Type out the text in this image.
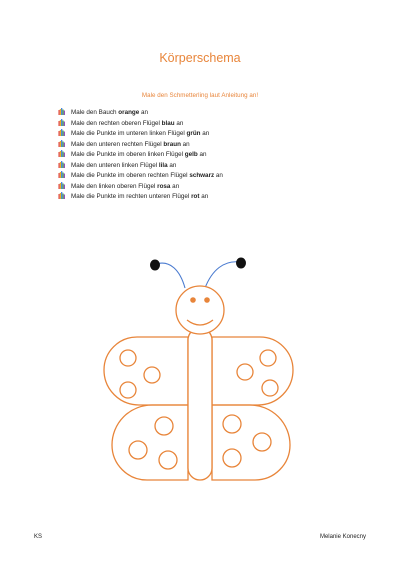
Körperschema
Male den Schmetterling laut Anleitung an!
Male den Bauch orange an
Male den rechten oberen Flügel blau an
Male die Punkte im unteren linken Flügel grün an
Male den unteren rechten Flügel braun an
Male die Punkte im oberen linken Flügel gelb an
Male den unteren linken Flügel lila an
Male die Punkte im oberen rechten Flügel schwarz an
Male den linken oberen Flügel rosa an
Male die Punkte im rechten unteren Flügel rot an
KS	Melanie Konecny
